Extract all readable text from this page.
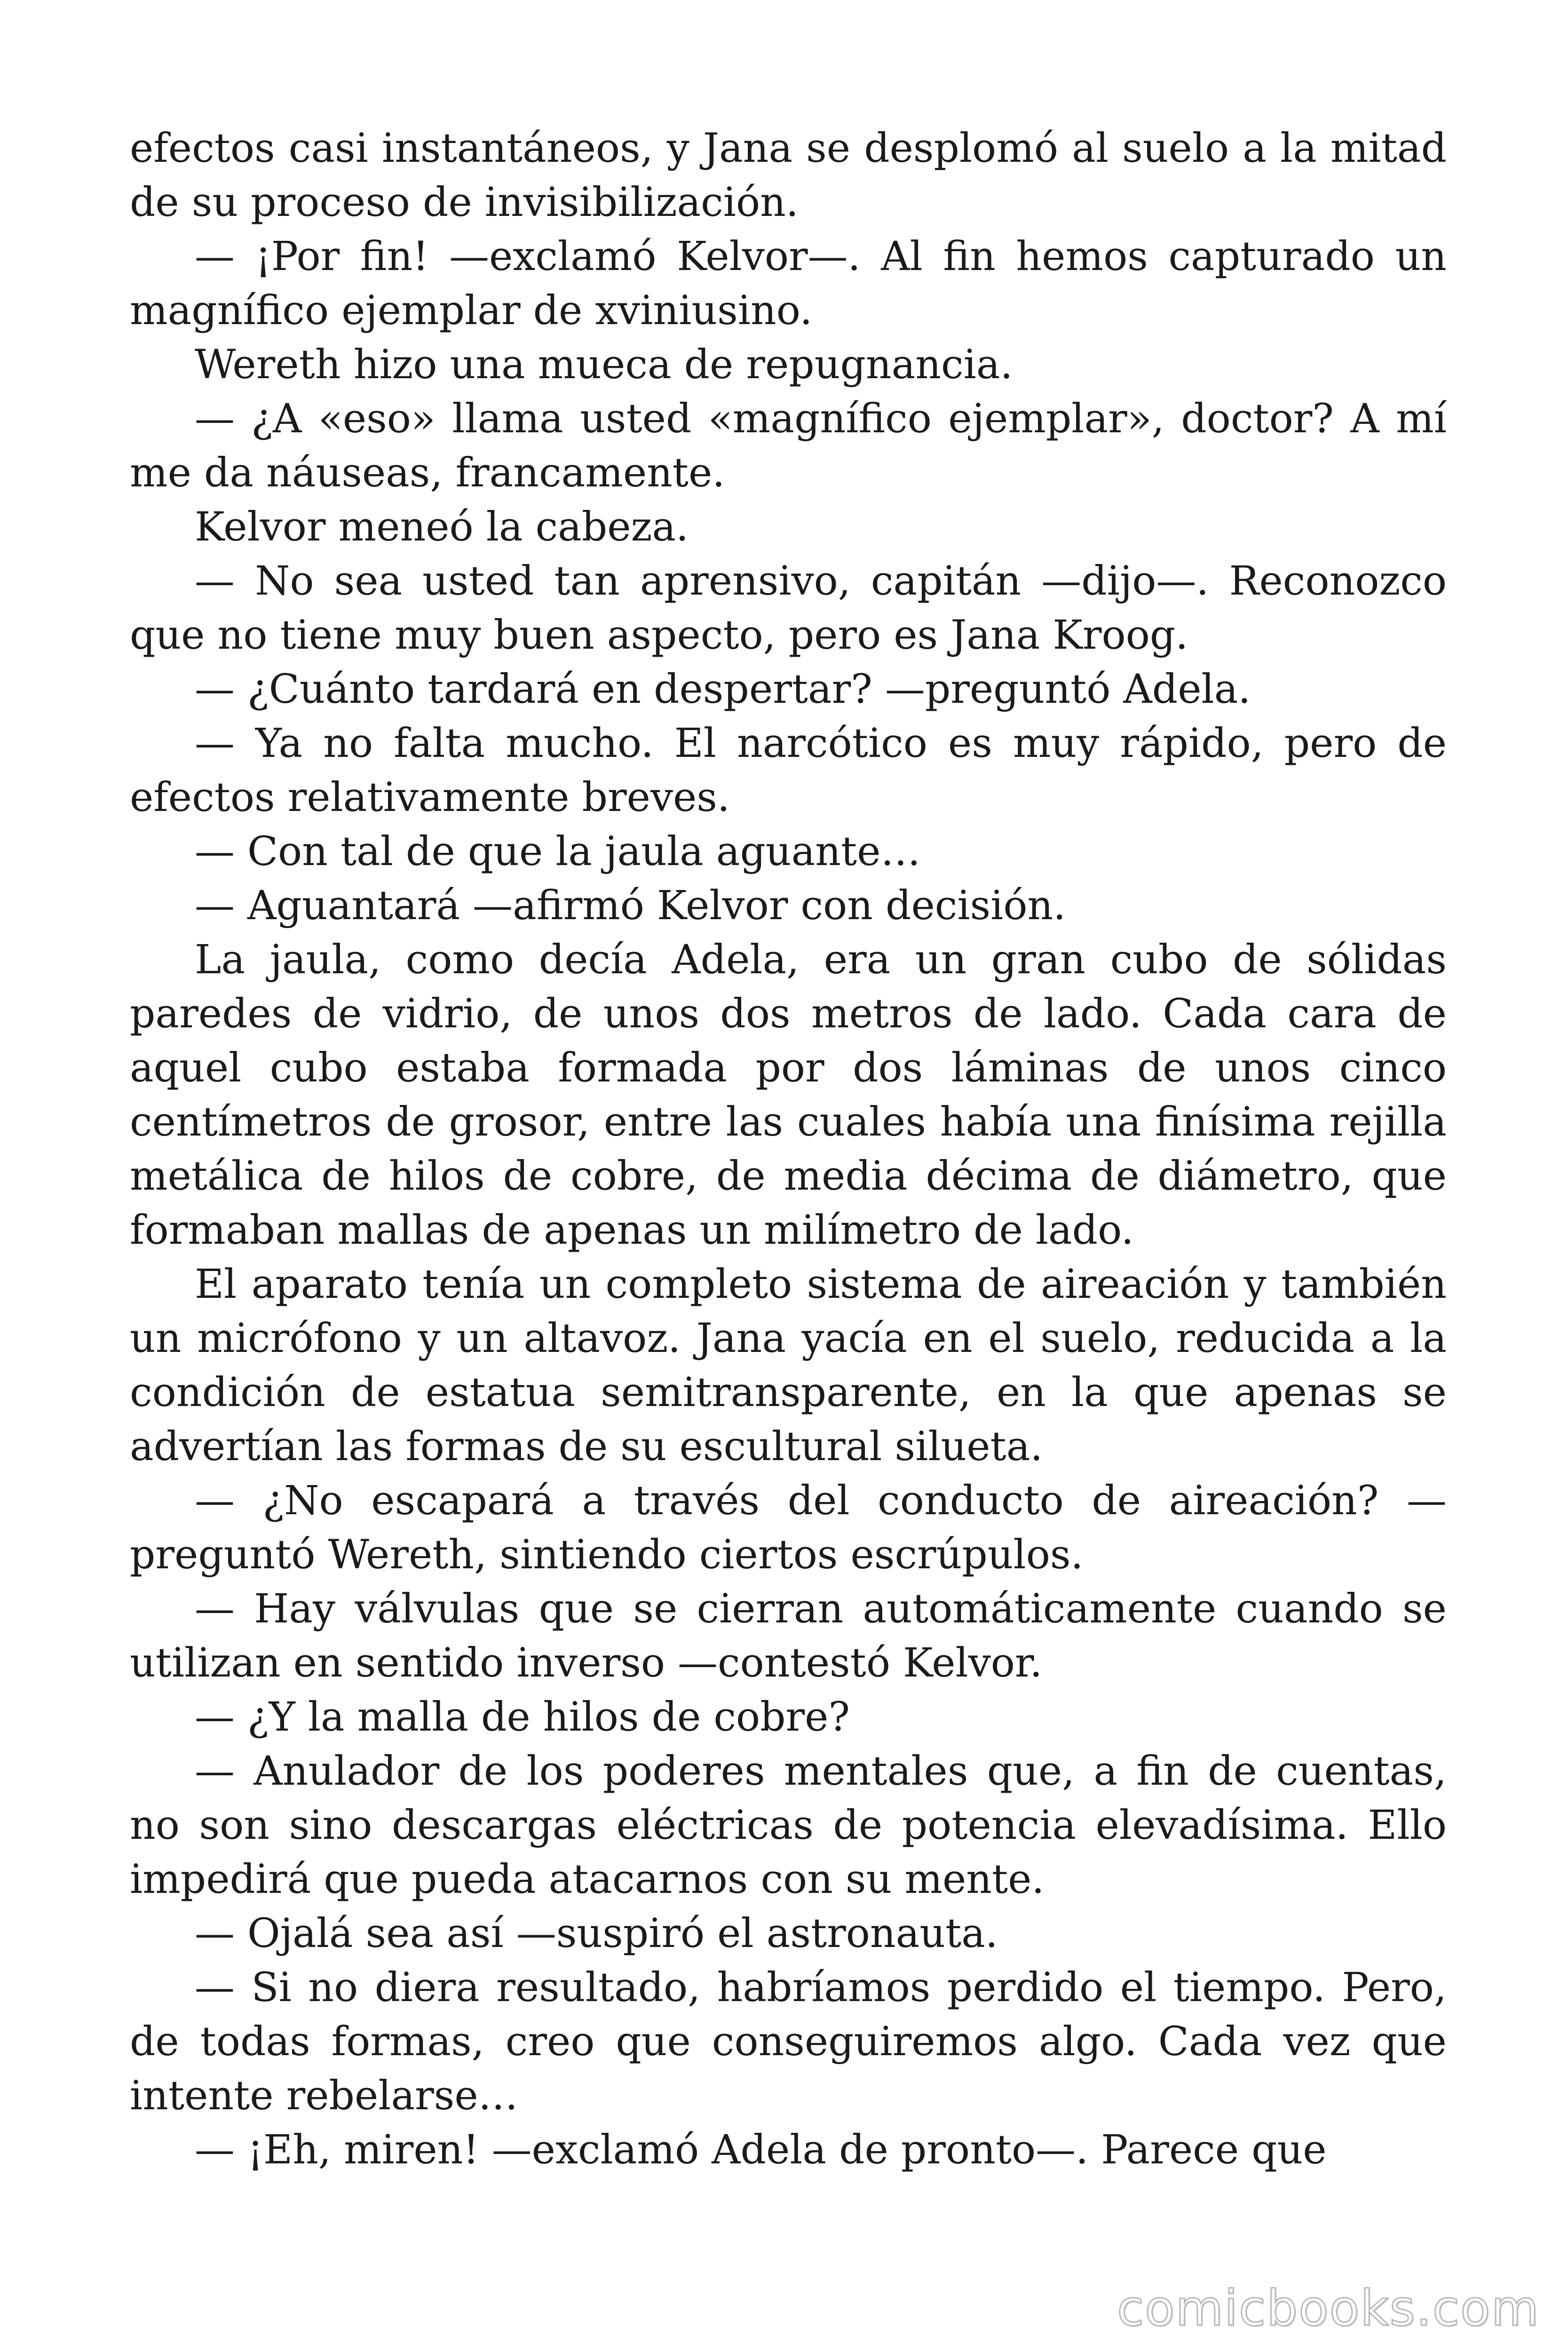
efectos casi instantáneos, y Jana se desplomó al suelo a la mitad de su proceso de invisibilización.

— ¡Por fin! —exclamó Kelvor—. Al fin hemos capturado un magnífico ejemplar de xviniusino.

Wereth hizo una mueca de repugnancia.

— ¿A «eso» llama usted «magnífico ejemplar», doctor? A mí me da náuseas, francamente.

Kelvor meneó la cabeza.

— No sea usted tan aprensivo, capitán —dijo—. Reconozco que no tiene muy buen aspecto, pero es Jana Kroog.

— ¿Cuánto tardará en despertar? —preguntó Adela.

— Ya no falta mucho. El narcótico es muy rápido, pero de efectos relativamente breves.

— Con tal de que la jaula aguante…

— Aguantará —afirmó Kelvor con decisión.

La jaula, como decía Adela, era un gran cubo de sólidas paredes de vidrio, de unos dos metros de lado. Cada cara de aquel cubo estaba formada por dos láminas de unos cinco centímetros de grosor, entre las cuales había una finísima rejilla metálica de hilos de cobre, de media décima de diámetro, que formaban mallas de apenas un milímetro de lado.

El aparato tenía un completo sistema de aireación y también un micrófono y un altavoz. Jana yacía en el suelo, reducida a la condición de estatua semitransparente, en la que apenas se advertían las formas de su escultural silueta.

— ¿No escapará a través del conducto de aireación? —preguntó Wereth, sintiendo ciertos escrúpulos.

— Hay válvulas que se cierran automáticamente cuando se utilizan en sentido inverso —contestó Kelvor.

— ¿Y la malla de hilos de cobre?

— Anulador de los poderes mentales que, a fin de cuentas, no son sino descargas eléctricas de potencia elevadísima. Ello impedirá que pueda atacarnos con su mente.

— Ojalá sea así —suspiró el astronauta.

— Si no diera resultado, habríamos perdido el tiempo. Pero, de todas formas, creo que conseguiremos algo. Cada vez que intente rebelarse…

— ¡Eh, miren! —exclamó Adela de pronto—. Parece que

comicbooks.com
